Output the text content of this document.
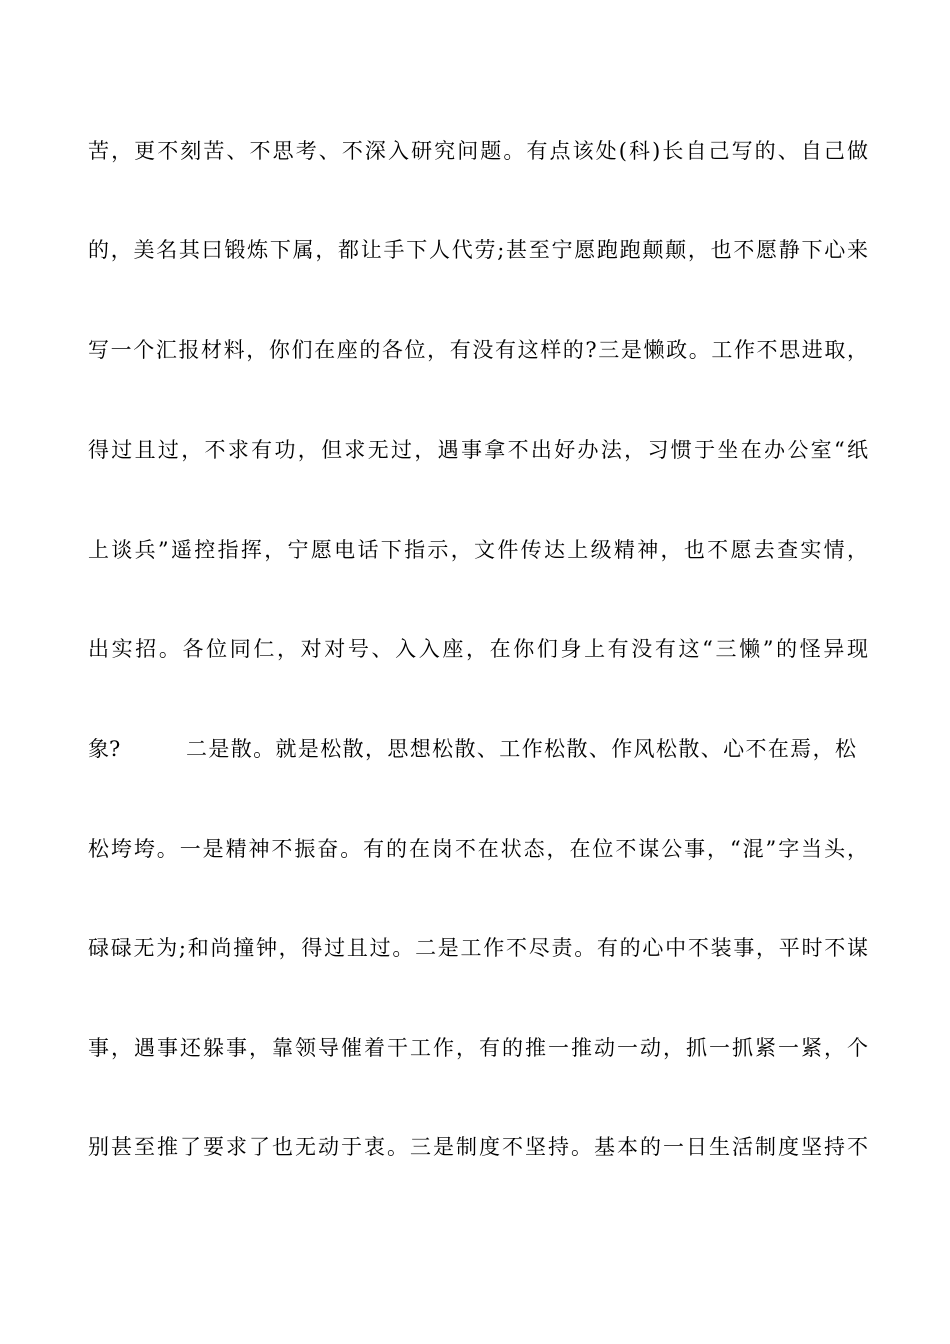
苦，更不刻苦、不思考、不深入研究问题。有点该处(科)长自己写的、自己做
的，美名其曰锻炼下属，都让手下人代劳;甚至宁愿跑跑颠颠，也不愿静下心来
写一个汇报材料，你们在座的各位，有没有这样的?三是懒政。工作不思进取，
得过且过，不求有功，但求无过，遇事拿不出好办法，习惯于坐在办公室“纸
上谈兵”遥控指挥，宁愿电话下指示，文件传达上级精神，也不愿去查实情，
出实招。各位同仁，对对号、入入座，在你们身上有没有这“三懒”的怪异现
象?	二是散。就是松散，思想松散、工作松散、作风松散、心不在焉，松
松垮垮。一是精神不振奋。有的在岗不在状态，在位不谋公事，“混”字当头，
碌碌无为;和尚撞钟，得过且过。二是工作不尽责。有的心中不装事，平时不谋
事，遇事还躲事，靠领导催着干工作，有的推一推动一动，抓一抓紧一紧，个
别甚至推了要求了也无动于衷。三是制度不坚持。基本的一日生活制度坚持不
